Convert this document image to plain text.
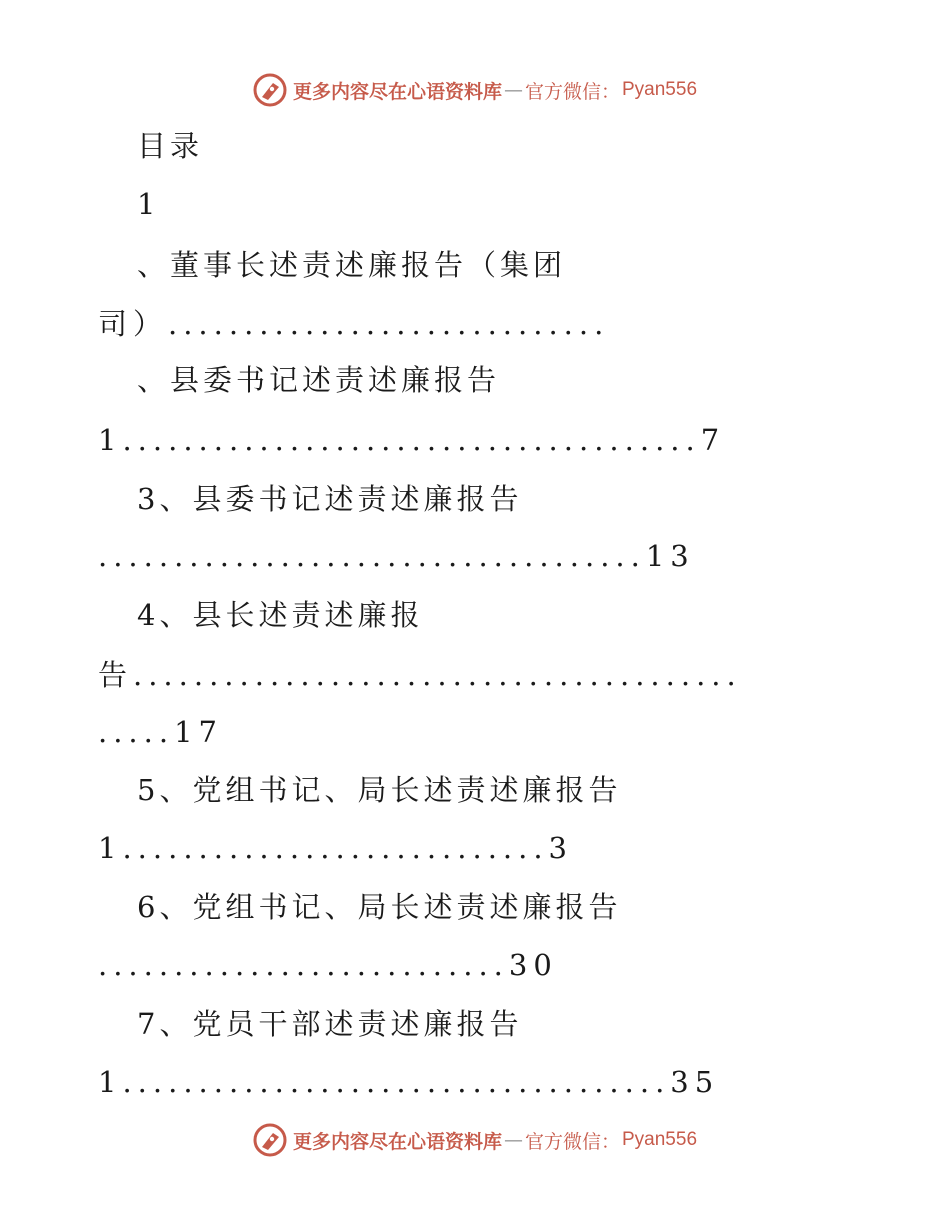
更多内容尽在心语资料库 — 官方微信： Pyan556
目录
1
、董事长述责述廉报告（集团
司）.............................
、县委书记述责述廉报告
1......................................7
3、县委书记述责述廉报告
....................................13
4、县长述责述廉报
告........................................
.....17
5、党组书记、局长述责述廉报告
1............................3
6、党组书记、局长述责述廉报告
...........................30
7、党员干部述责述廉报告
1....................................35
更多内容尽在心语资料库 — 官方微信： Pyan556
